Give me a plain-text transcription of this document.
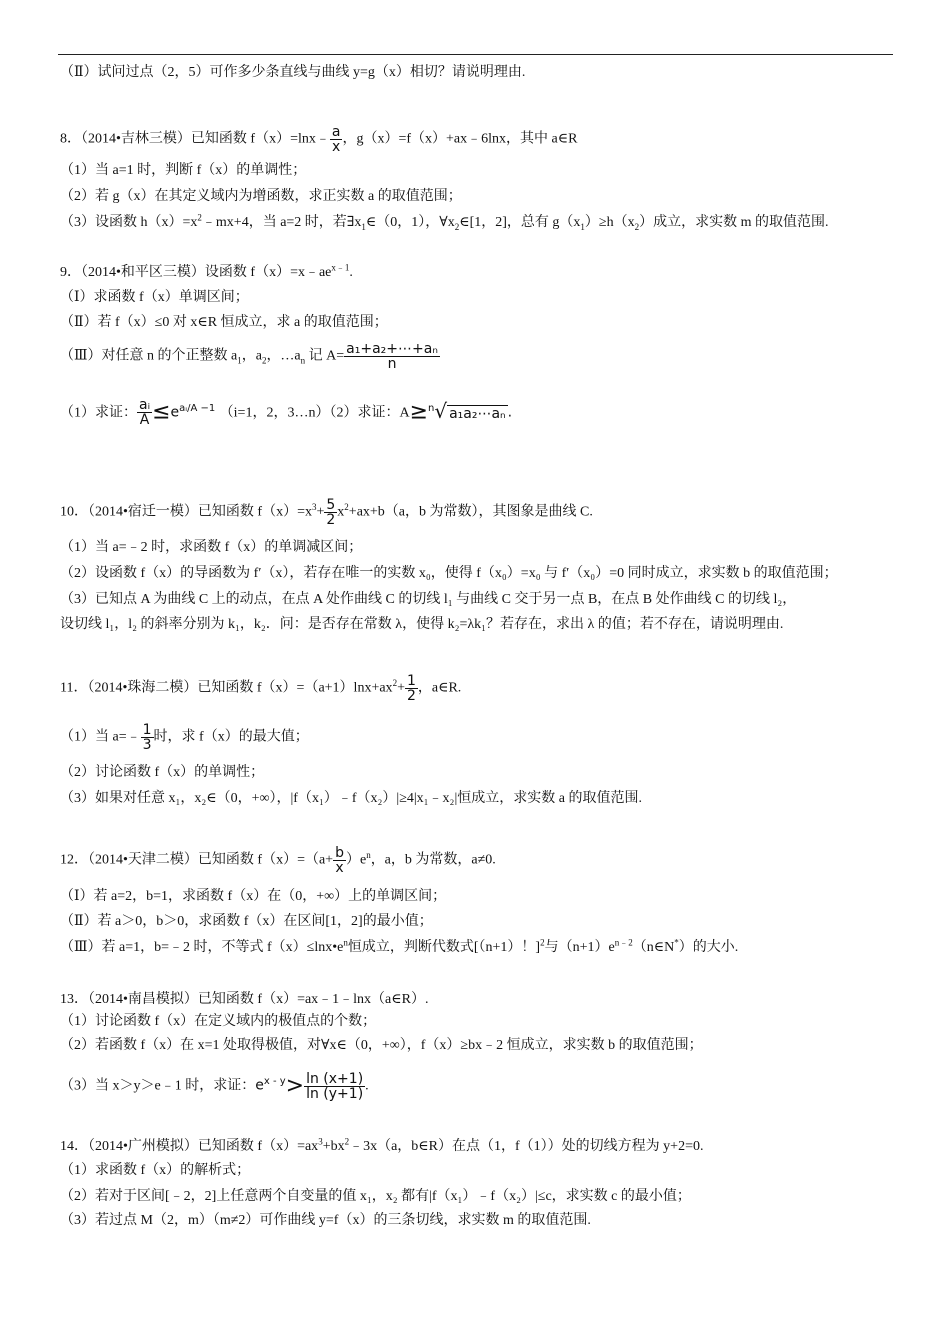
（Ⅱ）试问过点（2，5）可作多少条直线与曲线 y=g（x）相切？请说明理由.
8．（2014•吉林三模）已知函数 f（x）=lnx﹣ $\frac{a}{x}$ ，g（x）=f（x）+ax﹣6lnx，其中 a∈R
（1）当 a=1 时，判断 f（x）的单调性；
（2）若 g（x）在其定义域内为增函数，求正实数 a 的取值范围；
（3）设函数 $h(x)=x^2﹣mx+4$，当 a=2 时，若$\exists x_1\in(0$，1），$\forall x_2\in[1$，2]，总有 $g(x_1)\ge h(x_2)$成立，求实数 m 的取值范围.
9．（2014•和平区三模）设函数 $f(x)=x﹣ae^{x﹣1}$.
（Ⅰ）求函数 f（x）单调区间；
（Ⅱ）若 f（x）≤0 对 x∈R 恒成立，求 a 的取值范围；
（Ⅲ）对任意 n 的个正整数 $a_1$，$a_2$，$\dots a_n$ 记 $A= \frac{\text{a₁+a₂+⋯+aₙ}}{n}$
（1）求证： $\frac{\text{aᵢ}}{A} \le e^{aᵢ/A -1}$ （i=1，2，3…n）（2）求证：A≥$^n$√ a₁a₂⋯aₙ .
10．（2014•宿迁一模）已知函数 $f(x)=x^3+ \frac{5}{2} x^2+ax+b(a$，b 为常数），其图象是曲线 C.
（1）当 a=﹣2 时，求函数 f（x）的单调减区间；
（2）设函数 f（x）的导函数为 f′（x），若存在唯一的实数 x₀，使得 f（x₀）=x₀ 与 f′（x₀）=0 同时成立，求实数 b 的取值范围；
（3）已知点 A 为曲线 C 上的动点，在点 A 处作曲线 C 的切线 l₁ 与曲线 C 交于另一点 B，在点 B 处作曲线 C 的切线 l₂，
设切线 l₁，l₂ 的斜率分别为 k₁，k₂．问：是否存在常数 λ，使得 k₂=λk₁？若存在，求出 λ 的值；若不存在，请说明理由.
11．（2014•珠海二模）已知函数 $f(x)=(a+1)\ln x+ax^2+ \frac{1}{2}$ ，a∈R.
（1）当 a=﹣ $\frac{1}{3}$ 时，求 f（x）的最大值；
（2）讨论函数 f（x）的单调性；
（3）如果对任意 x₁，x₂∈（0，+∞），|f（x₁）﹣f（x₂）|≥4|x₁﹣x₂|恒成立，求实数 a 的取值范围.
12．（2014•天津二模）已知函数 $f(x)=(a+ \frac{b}{x} )e^n$，a，b 为常数，a≠0.
（Ⅰ）若 a=2，b=1，求函数 f（x）在（0，+∞）上的单调区间；
（Ⅱ）若 a＞0，b＞0，求函数 f（x）在区间[1，2]的最小值；
（Ⅲ）若 a=1，b=﹣2 时，不等式 $f(x)\le\ln x•e^n$恒成立，判断代数式[（n+1）！]$^2$与$(n+1)e^{n﹣2}(n\in N^*)$的大小.
13．（2014•南昌模拟）已知函数 f（x）=ax﹣1﹣lnx（a∈R）.
（1）讨论函数 f（x）在定义域内的极值点的个数；
（2）若函数 f（x）在 x=1 处取得极值，对∀x∈（0，+∞），f（x）≥bx﹣2 恒成立，求实数 b 的取值范围；
（3）当 x＞y＞e﹣1 时，求证：$e^{x - y}> \frac{\ln (x+1)}{\ln (y+1)}$ .
14．（2014•广州模拟）已知函数 $f(x)=ax^3+bx^2﹣3x(a$，b∈R）在点（1，f（1））处的切线方程为 y+2=0.
（1）求函数 f（x）的解析式；
（2）若对于区间[﹣2，2]上任意两个自变量的值 x₁，x₂ 都有|f（x₁）﹣f（x₂）|≤c，求实数 c 的最小值；
（3）若过点 M（2，m）（m≠2）可作曲线 y=f（x）的三条切线，求实数 m 的取值范围.
